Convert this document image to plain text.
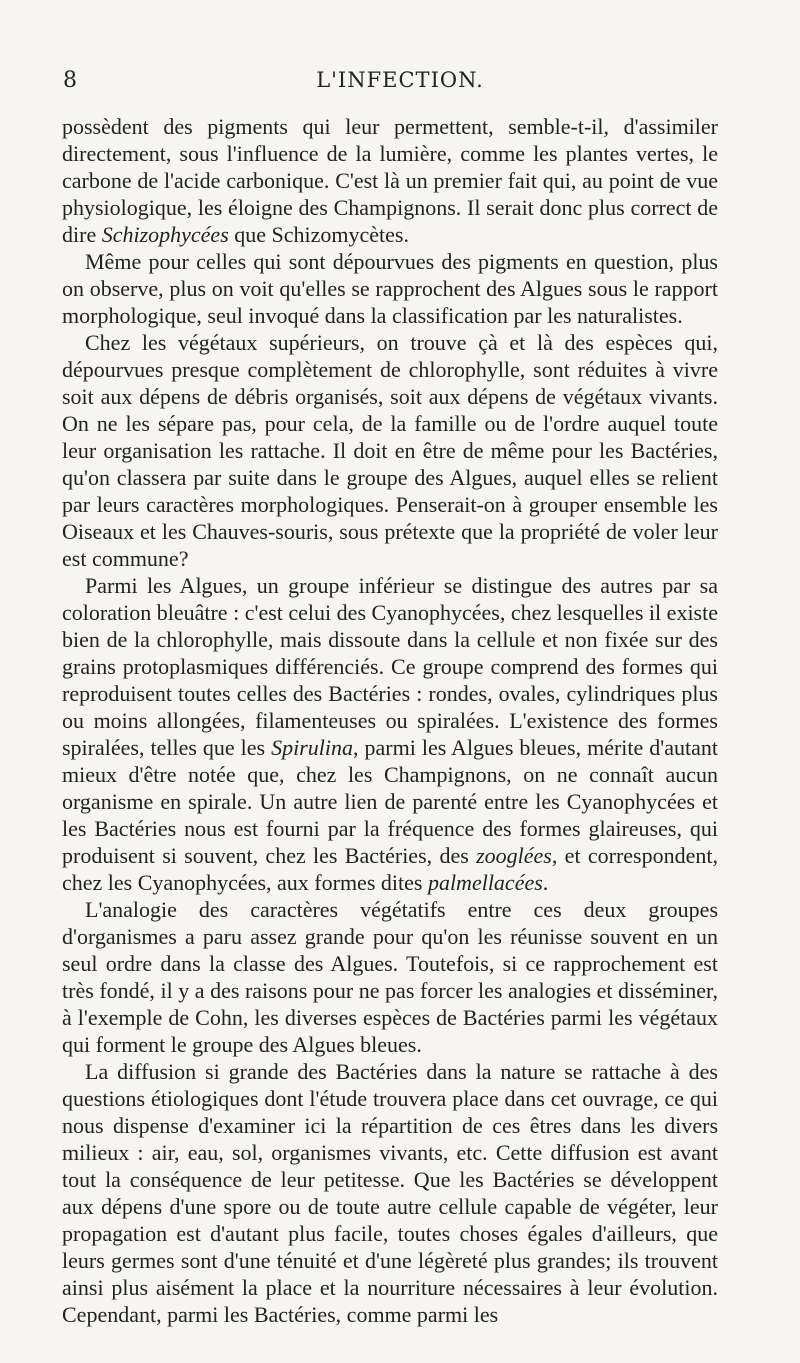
8	L'INFECTION.

possèdent des pigments qui leur permettent, semble-t-il, d'assimiler directement, sous l'influence de la lumière, comme les plantes vertes, le carbone de l'acide carbonique. C'est là un premier fait qui, au point de vue physiologique, les éloigne des Champignons. Il serait donc plus correct de dire Schizophycées que Schizomycètes.

Même pour celles qui sont dépourvues des pigments en question, plus on observe, plus on voit qu'elles se rapprochent des Algues sous le rapport morphologique, seul invoqué dans la classification par les naturalistes.

Chez les végétaux supérieurs, on trouve çà et là des espèces qui, dépourvues presque complètement de chlorophylle, sont réduites à vivre soit aux dépens de débris organisés, soit aux dépens de végétaux vivants. On ne les sépare pas, pour cela, de la famille ou de l'ordre auquel toute leur organisation les rattache. Il doit en être de même pour les Bactéries, qu'on classera par suite dans le groupe des Algues, auquel elles se relient par leurs caractères morphologiques. Penserait-on à grouper ensemble les Oiseaux et les Chauves-souris, sous prétexte que la propriété de voler leur est commune?

Parmi les Algues, un groupe inférieur se distingue des autres par sa coloration bleuâtre : c'est celui des Cyanophycées, chez lesquelles il existe bien de la chlorophylle, mais dissoute dans la cellule et non fixée sur des grains protoplasmiques différenciés. Ce groupe comprend des formes qui reproduisent toutes celles des Bactéries : rondes, ovales, cylindriques plus ou moins allongées, filamenteuses ou spiralées. L'existence des formes spiralées, telles que les Spirulina, parmi les Algues bleues, mérite d'autant mieux d'être notée que, chez les Champignons, on ne connaît aucun organisme en spirale. Un autre lien de parenté entre les Cyanophycées et les Bactéries nous est fourni par la fréquence des formes glaireuses, qui produisent si souvent, chez les Bactéries, des zooglées, et correspondent, chez les Cyanophycées, aux formes dites palmellacées.

L'analogie des caractères végétatifs entre ces deux groupes d'organismes a paru assez grande pour qu'on les réunisse souvent en un seul ordre dans la classe des Algues. Toutefois, si ce rapprochement est très fondé, il y a des raisons pour ne pas forcer les analogies et disséminer, à l'exemple de Cohn, les diverses espèces de Bactéries parmi les végétaux qui forment le groupe des Algues bleues.

La diffusion si grande des Bactéries dans la nature se rattache à des questions étiologiques dont l'étude trouvera place dans cet ouvrage, ce qui nous dispense d'examiner ici la répartition de ces êtres dans les divers milieux : air, eau, sol, organismes vivants, etc. Cette diffusion est avant tout la conséquence de leur petitesse. Que les Bactéries se développent aux dépens d'une spore ou de toute autre cellule capable de végéter, leur propagation est d'autant plus facile, toutes choses égales d'ailleurs, que leurs germes sont d'une ténuité et d'une légèreté plus grandes; ils trouvent ainsi plus aisément la place et la nourriture nécessaires à leur évolution. Cependant, parmi les Bactéries, comme parmi les
